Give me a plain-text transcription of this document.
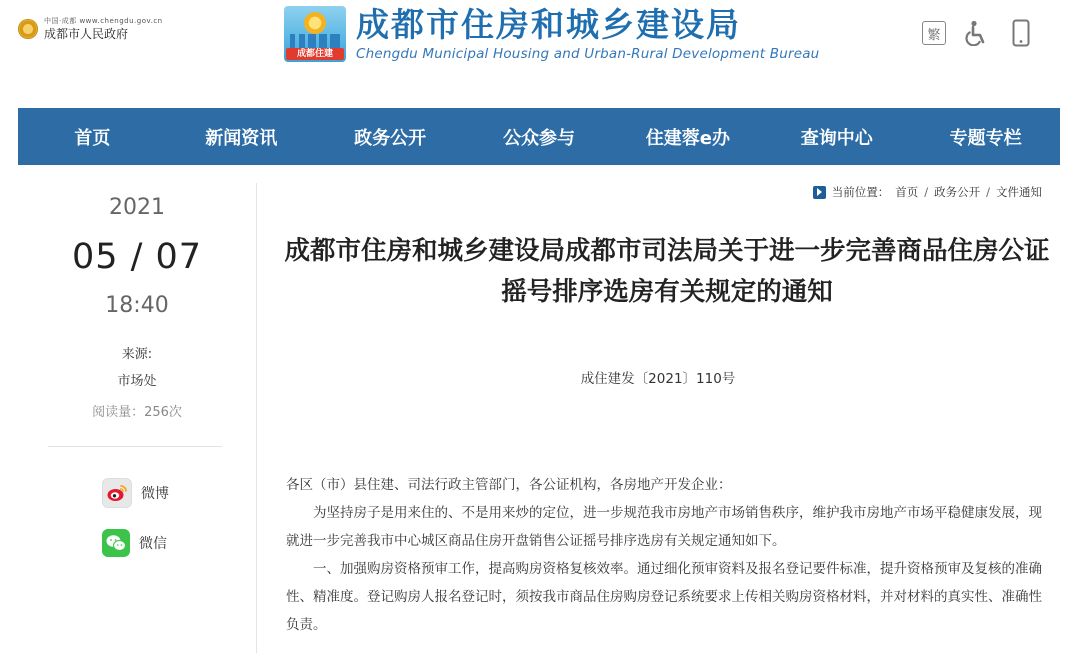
中国·成都 www.chengdu.gov.cn
成都市人民政府
成都住建
成都市住房和城乡建设局
Chengdu Municipal Housing and Urban-Rural Development Bureau
繁
首页	新闻资讯	政务公开	公众参与	住建蓉e办	查询中心	专题专栏
2021
05 / 07
18:40
来源:
市场处
阅读量：256次
微博
微信
当前位置： 首页 / 政务公开 / 文件通知
成都市住房和城乡建设局成都市司法局关于进一步完善商品住房公证摇号排序选房有关规定的通知
成住建发〔2021〕110号

各区（市）县住建、司法行政主管部门，各公证机构，各房地产开发企业：

为坚持房子是用来住的、不是用来炒的定位，进一步规范我市房地产市场销售秩序，维护我市房地产市场平稳健康发展，现就进一步完善我市中心城区商品住房开盘销售公证摇号排序选房有关规定通知如下。

一、加强购房资格预审工作，提高购房资格复核效率。通过细化预审资料及报名登记要件标准，提升资格预审及复核的准确性、精准度。登记购房人报名登记时，须按我市商品住房购房登记系统要求上传相关购房资格材料，并对材料的真实性、准确性负责。
